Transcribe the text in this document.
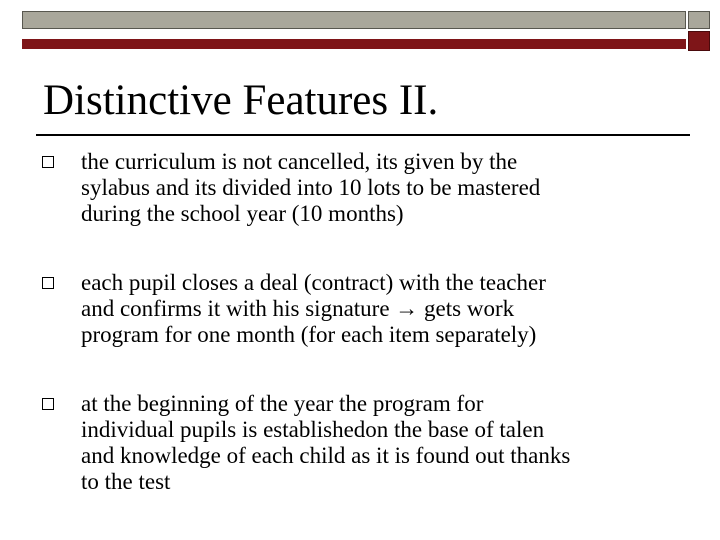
Distinctive Features II.
the curriculum is not cancelled, its given by the
sylabus and its divided into 10 lots to be mastered
during the school year (10 months)
each pupil closes a deal (contract) with the teacher
and confirms it with his signature → gets work
program for one month (for each item separately)
at the beginning of the year the program for
individual pupils is establishedon the base of talen
and knowledge of each child as it is found out thanks
to the test
